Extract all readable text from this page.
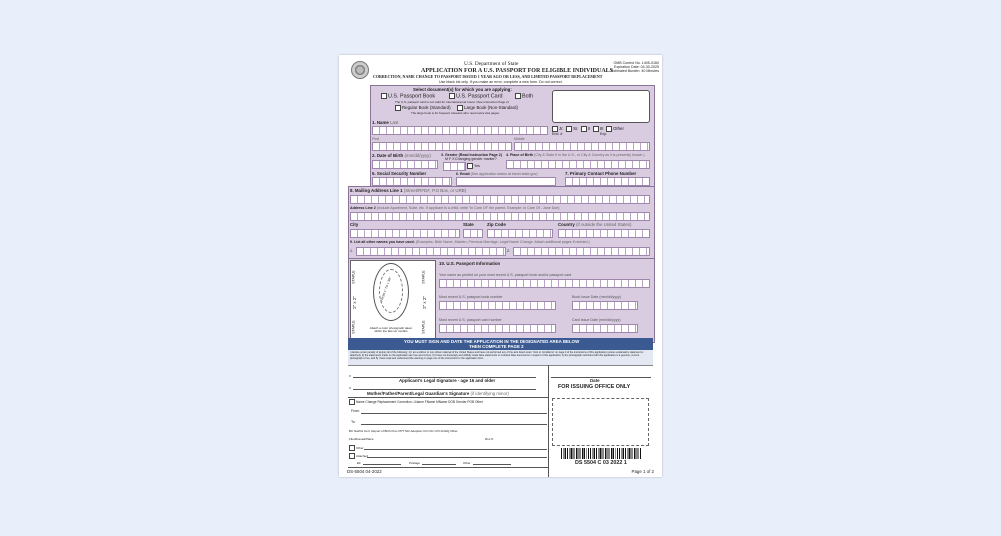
U.S. Department of State	OMB Control No. 1405-0160
Expiration Date: 04-30-2025
Estimated Burden: 40 Minutes
APPLICATION FOR A U.S. PASSPORT FOR ELIGIBLE INDIVIDUALS
CORRECTION, NAME CHANGE TO PASSPORT ISSUED 1 YEAR AGO OR LESS, AND LIMITED PASSPORT REPLACEMENT
Use black ink only. If you make an error, complete a new form. Do not correct.
Select document(s) for which you are applying:
U.S. Passport Book	U.S. Passport Card	Both
The U.S. passport card is not valid for international air travel. (See Instruction Page 2)
Regular Book (Standard)	Large Book (Non-Standard)
The large book is for frequent travelers who need extra visa pages.
1. Name Last
Jr. Sr. II III Other
End. #	Exp.
First	Middle
2. Date of Birth (mm/dd/yyyy)	3. Gender (Read Instruction Page 2)
M F X Changing gender marker?
Yes
4. Place of Birth (City & State if in the U.S., or City & Country as it is presently known.)
5. Social Security Number	6. Email (See application status at travel.state.gov)	7. Primary Contact Phone Number
8. Mailing Address Line 1 (Street/RFD#, P.O Box, or URB)
Address Line 2 (Include Apartment, Suite, etc. If applicant is a child, write "In Care Of" the parent. Example: In Care Of - Jane Doe)
City	State	Zip Code	Country (if outside the United States)
9. List all other names you have used. (Examples: Birth Name, Maiden, Previous Marriage, Legal Name Change. Attach additional pages if needed.)
1.	2.
STAPLE	STAPLE
STAPLE	STAPLE
2" x 2"	2" x 2"
FROM 1" TO 1 3/8"
Attach a color photograph taken within the last six months
10. U.S. Passport Information
Your name as printed on your most recent U.S. passport book and/or passport card
Most recent U.S. passport book number	Book Issue Date (mm/dd/yyyy)
Most recent U.S. passport card number	Card Issue Date (mm/dd/yyyy)
YOU MUST SIGN AND DATE THE APPLICATION IN THE DESIGNATED AREA BELOW
THEN COMPLETE PAGE 2
I declare under penalty of perjury all of the following: 1) I am a citizen or non-citizen national of the United States and have not performed any of the acts listed under "Acts or Conditions" on page 4 of the instructions of this application (unless explanatory statement is attached); 2) the statements made on the application are true and correct; 3) I have not knowingly and willfully made false statements or included false documents in support of this application; 4) the photograph submitted with this application is a genuine, current photograph of me; and 5) I have read and understood the warning on page one of the instructions to the application form.
x
Applicant's Legal Signature - age 16 and older
x
Mother/Father/Parent/Legal Guardian's Signature (if identifying minor)
Date
FOR ISSUING OFFICE ONLY
Name Change Replacement Correction: LName FName MName DOB Gender POB Other
From
To
BC Nat/Cit Cert. Report of Birth Prev PPT MC Adoption C/O NC C/O AOHQ Other
Filed/Issued/Place	Doc #:
Other
Attached
EF	Postage	Other	DS 5504 C 03 2022 1
DS-5504 04-2022	Page 1 of 2
